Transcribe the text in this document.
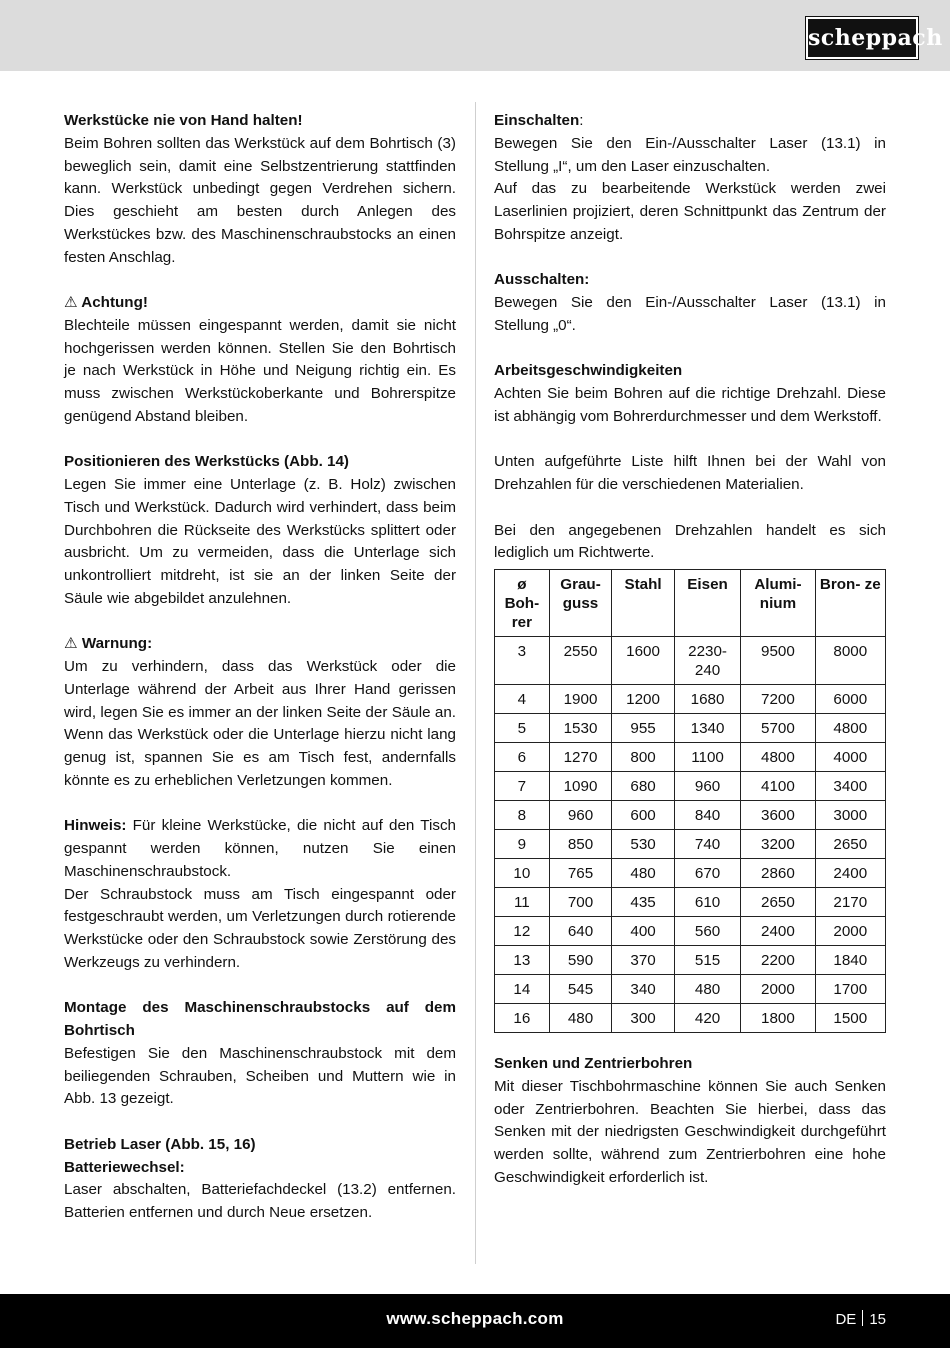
scheppach

Werkstücke nie von Hand halten!
Beim Bohren sollten das Werkstück auf dem Bohrtisch (3) beweglich sein, damit eine Selbstzentrierung stattfinden kann. Werkstück unbedingt gegen Verdrehen sichern. Dies geschieht am besten durch Anlegen des Werkstückes bzw. des Maschinenschraubstocks an einen festen Anschlag.

⚠ Achtung!
Blechteile müssen eingespannt werden, damit sie nicht hochgerissen werden können. Stellen Sie den Bohrtisch je nach Werkstück in Höhe und Neigung richtig ein. Es muss zwischen Werkstückoberkante und Bohrerspitze genügend Abstand bleiben.

Positionieren des Werkstücks (Abb. 14)
Legen Sie immer eine Unterlage (z. B. Holz) zwischen Tisch und Werkstück. Dadurch wird verhindert, dass beim Durchbohren die Rückseite des Werkstücks splittert oder ausbricht. Um zu vermeiden, dass die Unterlage sich unkontrolliert mitdreht, ist sie an der linken Seite der Säule wie abgebildet anzulehnen.

⚠ Warnung:
Um zu verhindern, dass das Werkstück oder die Unterlage während der Arbeit aus Ihrer Hand gerissen wird, legen Sie es immer an der linken Seite der Säule an. Wenn das Werkstück oder die Unterlage hierzu nicht lang genug ist, spannen Sie es am Tisch fest, andernfalls könnte es zu erheblichen Verletzungen kommen.

Hinweis: Für kleine Werkstücke, die nicht auf den Tisch gespannt werden können, nutzen Sie einen Maschinenschraubstock.

Der Schraubstock muss am Tisch eingespannt oder festgeschraubt werden, um Verletzungen durch rotierende Werkstücke oder den Schraubstock sowie Zerstörung des Werkzeugs zu verhindern.

Montage des Maschinenschraubstocks auf dem Bohrtisch
Befestigen Sie den Maschinenschraubstock mit dem beiliegenden Schrauben, Scheiben und Muttern wie in Abb. 13 gezeigt.

Betrieb Laser (Abb. 15, 16)
Batteriewechsel:
Laser abschalten, Batteriefachdeckel (13.2) entfernen. Batterien entfernen und durch Neue ersetzen.

Einschalten:
Bewegen Sie den Ein-/Ausschalter Laser (13.1) in Stellung „I“, um den Laser einzuschalten.

Auf das zu bearbeitende Werkstück werden zwei Laserlinien projiziert, deren Schnittpunkt das Zentrum der Bohrspitze anzeigt.

Ausschalten:
Bewegen Sie den Ein-/Ausschalter Laser (13.1) in Stellung „0“.

Arbeitsgeschwindigkeiten
Achten Sie beim Bohren auf die richtige Drehzahl. Diese ist abhängig vom Bohrerdurchmesser und dem Werkstoff.

Unten aufgeführte Liste hilft Ihnen bei der Wahl von Drehzahlen für die verschiedenen Materialien.

Bei den angegebenen Drehzahlen handelt es sich lediglich um Richtwerte.

ø Boh- rer	Grau- guss	Stahl	Eisen	Alumi- nium	Bron- ze
3	2550	1600	2230- 240	9500	8000
4	1900	1200	1680	7200	6000
5	1530	955	1340	5700	4800
6	1270	800	1100	4800	4000
7	1090	680	960	4100	3400
8	960	600	840	3600	3000
9	850	530	740	3200	2650
10	765	480	670	2860	2400
11	700	435	610	2650	2170
12	640	400	560	2400	2000
13	590	370	515	2200	1840
14	545	340	480	2000	1700
16	480	300	420	1800	1500

Senken und Zentrierbohren
Mit dieser Tischbohrmaschine können Sie auch Senken oder Zentrierbohren. Beachten Sie hierbei, dass das Senken mit der niedrigsten Geschwindigkeit durchgeführt werden sollte, während zum Zentrierbohren eine hohe Geschwindigkeit erforderlich ist.

www.scheppach.com	DE 15
